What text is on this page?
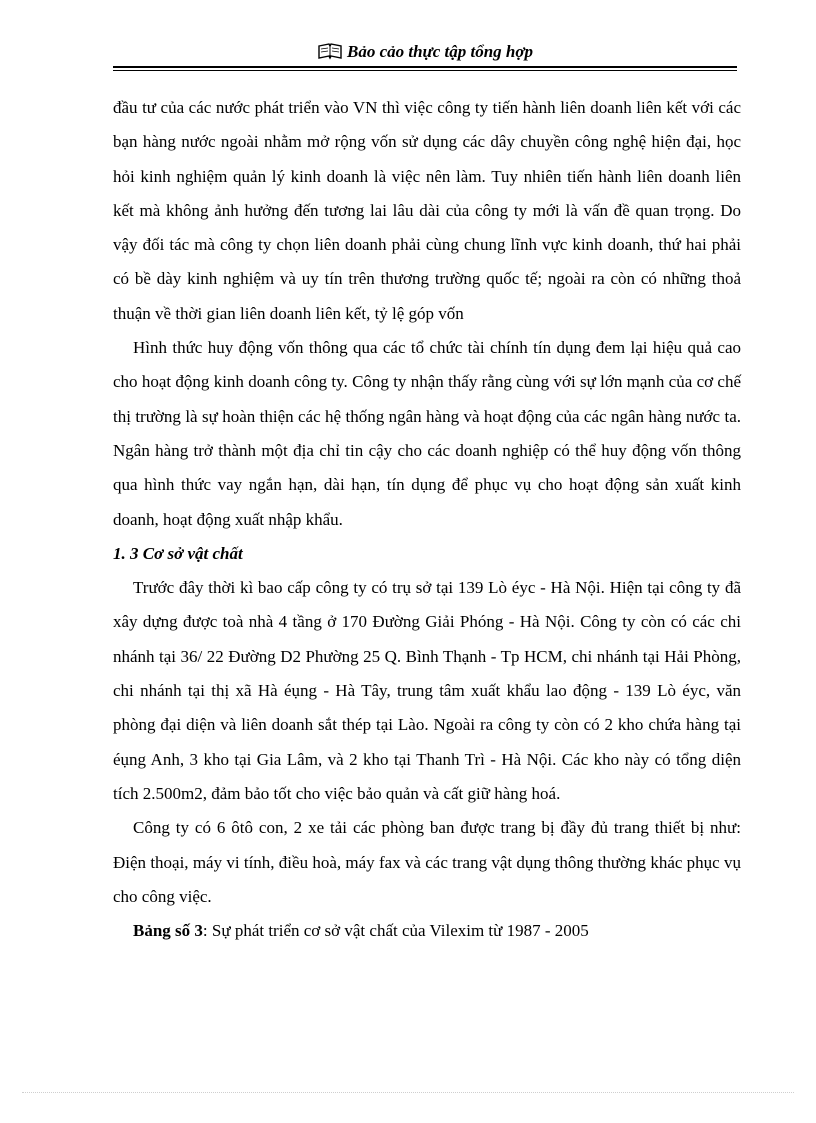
Bảo cảo thực tập tổng hợp

đầu tư của các nước phát triển vào VN thì việc công ty tiến hành liên doanh liên kết với các bạn hàng nước ngoài nhằm mở rộng vốn sử dụng các dây chuyền công nghệ hiện đại, học hỏi kinh nghiệm quản lý kinh doanh là việc nên làm. Tuy nhiên tiến hành liên doanh liên kết mà không ảnh hưởng đến tương lai lâu dài của công ty mới là vấn đề quan trọng. Do vậy đối tác mà công ty chọn liên doanh phải cùng chung lĩnh vực kinh doanh, thứ hai phải có bề dày kinh nghiệm và uy tín trên thương trường quốc tế; ngoài ra còn có những thoả thuận về thời gian liên doanh liên kết, tỷ lệ góp vốn

Hình thức huy động vốn thông qua các tổ chức tài chính tín dụng đem lại hiệu quả cao cho hoạt động kinh doanh công ty. Công ty nhận thấy rằng cùng với sự lớn mạnh của cơ chế thị trường là sự hoàn thiện các hệ thống ngân hàng và hoạt động của các ngân hàng nước ta. Ngân hàng trở thành một địa chỉ tin cậy cho các doanh nghiệp có thể huy động vốn thông qua hình thức vay ngắn hạn, dài hạn, tín dụng để phục vụ cho hoạt động sản xuất kinh doanh, hoạt động xuất nhập khẩu.

1. 3 Cơ sở vật chất

Trước đây thời kì bao cấp công ty có trụ sở tại 139 Lò éyc - Hà Nội. Hiện tại công ty đã xây dựng được toà nhà 4 tầng ở 170 Đường Giải Phóng - Hà Nội. Công ty còn có các chi nhánh tại 36/ 22 Đường D2 Phường 25 Q. Bình Thạnh - Tp HCM, chi nhánh tại Hải Phòng, chi nhánh tại thị xã Hà éụng - Hà Tây, trung tâm xuất khẩu lao động - 139 Lò éyc, văn phòng đại diện và liên doanh sắt thép tại Lào. Ngoài ra công ty còn có 2 kho chứa hàng tại éụng Anh, 3 kho tại Gia Lâm, và 2 kho tại Thanh Trì - Hà Nội. Các kho này có tổng diện tích 2.500m2, đảm bảo tốt cho việc bảo quản và cất giữ hàng hoá.

Công ty có 6 ôtô con, 2 xe tải các phòng ban được trang bị đầy đủ trang thiết bị như: Điện thoại, máy vi tính, điều hoà, máy fax và các trang vật dụng thông thường khác phục vụ cho công việc.

Bảng số 3: Sự phát triển cơ sở vật chất của Vilexim từ 1987 - 2005
